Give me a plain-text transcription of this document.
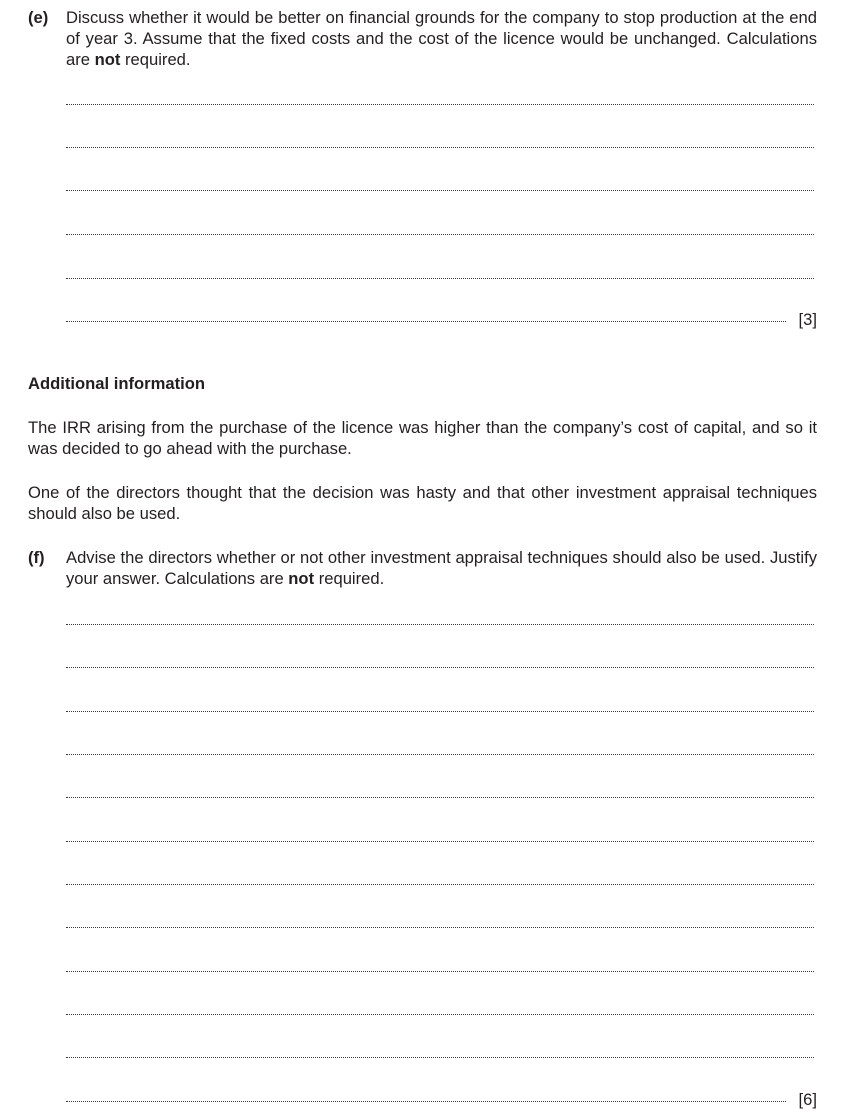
(e) Discuss whether it would be better on financial grounds for the company to stop production at the end of year 3. Assume that the fixed costs and the cost of the licence would be unchanged. Calculations are not required.
[3]
Additional information
The IRR arising from the purchase of the licence was higher than the company’s cost of capital, and so it was decided to go ahead with the purchase.
One of the directors thought that the decision was hasty and that other investment appraisal techniques should also be used.
(f) Advise the directors whether or not other investment appraisal techniques should also be used. Justify your answer. Calculations are not required.
[6]
